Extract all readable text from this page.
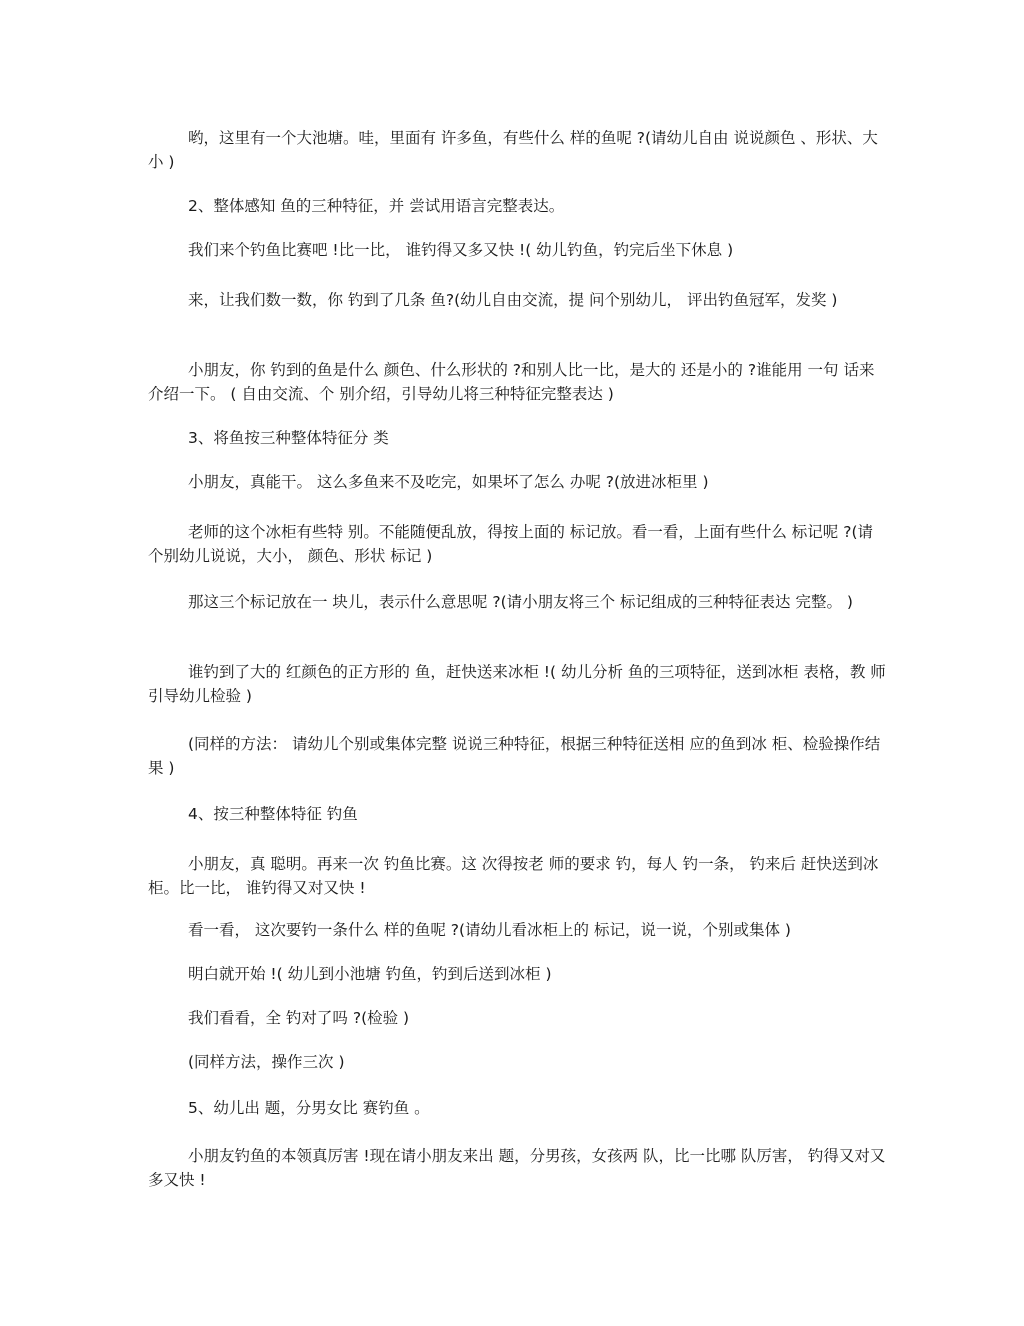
哟，这里有一个大池塘。哇，里面有 许多鱼，有些什么 样的鱼呢 ?(请幼儿自由 说说颜色 、形状、大小 )

2、整体感知 鱼的三种特征，并 尝试用语言完整表达。

我们来个钓鱼比赛吧 !比一比， 谁钓得又多又快 !( 幼儿钓鱼，钓完后坐下休息 )

来，让我们数一数，你 钓到了几条 鱼?(幼儿自由交流，提 问个别幼儿， 评出钓鱼冠军，发奖 )

小朋友，你 钓到的鱼是什么 颜色、什么形状的 ?和别人比一比，是大的 还是小的 ?谁能用 一句 话来介绍一下。 ( 自由交流、个 别介绍，引导幼儿将三种特征完整表达 )

3、将鱼按三种整体特征分 类

小朋友，真能干。 这么多鱼来不及吃完，如果坏了怎么 办呢 ?(放进冰柜里 )

老师的这个冰柜有些特 别。不能随便乱放，得按上面的 标记放。看一看，上面有些什么 标记呢 ?(请个别幼儿说说，大小， 颜色、形状 标记 )

那这三个标记放在一 块儿，表示什么意思呢 ?(请小朋友将三个 标记组成的三种特征表达 完整。 )

谁钓到了大的 红颜色的正方形的 鱼，赶快送来冰柜 !( 幼儿分析 鱼的三项特征，送到冰柜 表格，教 师引导幼儿检验 )

(同样的方法： 请幼儿个别或集体完整 说说三种特征，根据三种特征送相 应的鱼到冰 柜、检验操作结果 )

4、按三种整体特征 钓鱼

小朋友，真 聪明。再来一次 钓鱼比赛。这 次得按老 师的要求 钓，每人 钓一条， 钓来后 赶快送到冰柜。比一比， 谁钓得又对又快 !

看一看， 这次要钓一条什么 样的鱼呢 ?(请幼儿看冰柜上的 标记，说一说，个别或集体 )

明白就开始 !( 幼儿到小池塘 钓鱼，钓到后送到冰柜 )

我们看看，全 钓对了吗 ?(检验 )

(同样方法，操作三次 )

5、幼儿出 题，分男女比 赛钓鱼 。

小朋友钓鱼的本领真厉害 !现在请小朋友来出 题，分男孩，女孩两 队，比一比哪 队厉害， 钓得又对又多又快 !
